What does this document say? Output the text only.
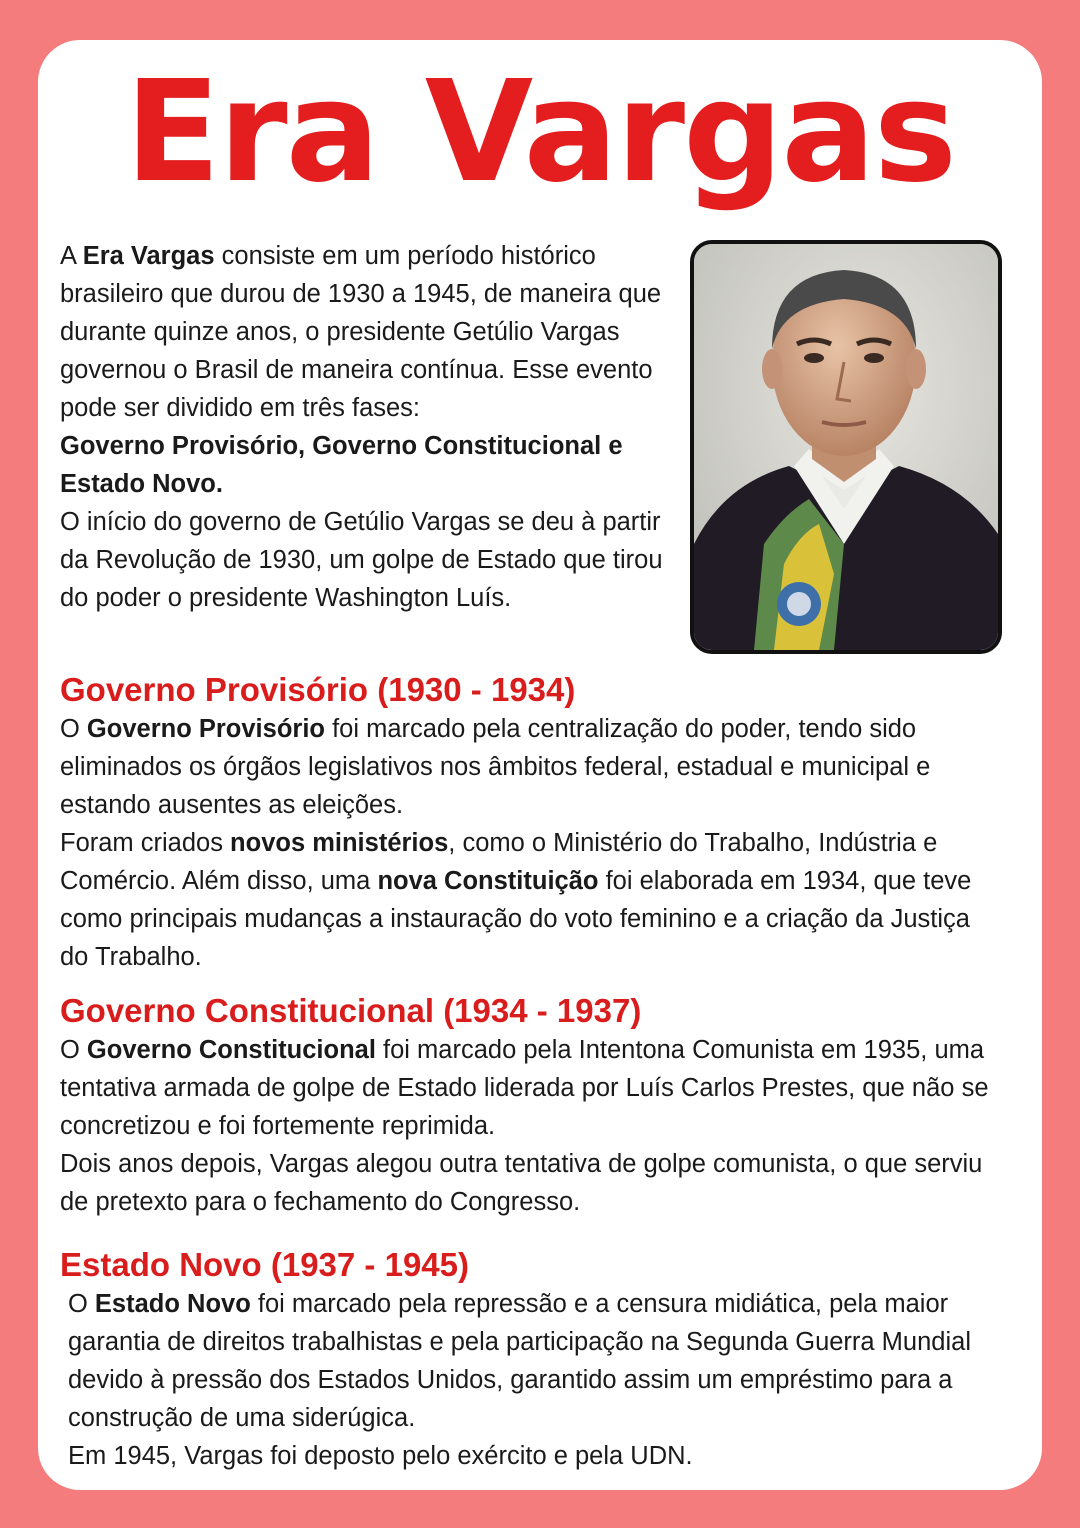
Era Vargas

A Era Vargas consiste em um período histórico brasileiro que durou de 1930 a 1945, de maneira que durante quinze anos, o presidente Getúlio Vargas governou o Brasil de maneira contínua. Esse evento pode ser dividido em três fases:
Governo Provisório, Governo Constitucional e Estado Novo.
O início do governo de Getúlio Vargas se deu à partir da Revolução de 1930, um golpe de Estado que tirou do poder o presidente Washington Luís.

Governo Provisório (1930 - 1934)

O Governo Provisório foi marcado pela centralização do poder, tendo sido eliminados os órgãos legislativos nos âmbitos federal, estadual e municipal e estando ausentes as eleições.

Foram criados novos ministérios, como o Ministério do Trabalho, Indústria e Comércio. Além disso, uma nova Constituição foi elaborada em 1934, que teve como principais mudanças a instauração do voto feminino e a criação da Justiça do Trabalho.

Governo Constitucional (1934 - 1937)

O Governo Constitucional foi marcado pela Intentona Comunista em 1935, uma tentativa armada de golpe de Estado liderada por Luís Carlos Prestes, que não se concretizou e foi fortemente reprimida.

Dois anos depois, Vargas alegou outra tentativa de golpe comunista, o que serviu de pretexto para o fechamento do Congresso.

Estado Novo (1937 - 1945)

O Estado Novo foi marcado pela repressão e a censura midiática, pela maior garantia de direitos trabalhistas e pela participação na Segunda Guerra Mundial devido à pressão dos Estados Unidos, garantido assim um empréstimo para a construção de uma siderúgica.

Em 1945, Vargas foi deposto pelo exército e pela UDN.
